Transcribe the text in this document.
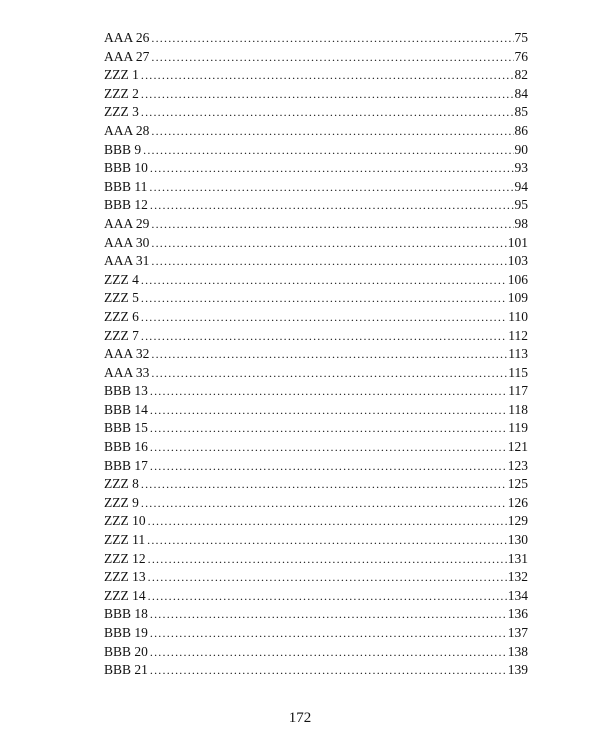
AAA 26 .....	75
AAA 27 .....	76
ZZZ 1 .....	82
ZZZ 2 .....	84
ZZZ 3 .....	85
AAA 28 .....	86
BBB 9 .....	90
BBB 10 .....	93
BBB 11 .....	94
BBB 12 .....	95
AAA 29 .....	98
AAA 30 .....	101
AAA 31 .....	103
ZZZ 4 .....	106
ZZZ 5 .....	109
ZZZ 6 .....	110
ZZZ 7 .....	112
AAA 32 .....	113
AAA 33 .....	115
BBB 13 .....	117
BBB 14 .....	118
BBB 15 .....	119
BBB 16 .....	121
BBB 17 .....	123
ZZZ 8 .....	125
ZZZ 9 .....	126
ZZZ 10 .....	129
ZZZ 11 .....	130
ZZZ 12 .....	131
ZZZ 13 .....	132
ZZZ 14 .....	134
BBB 18 .....	136
BBB 19 .....	137
BBB 20 .....	138
BBB 21 .....	139
172
